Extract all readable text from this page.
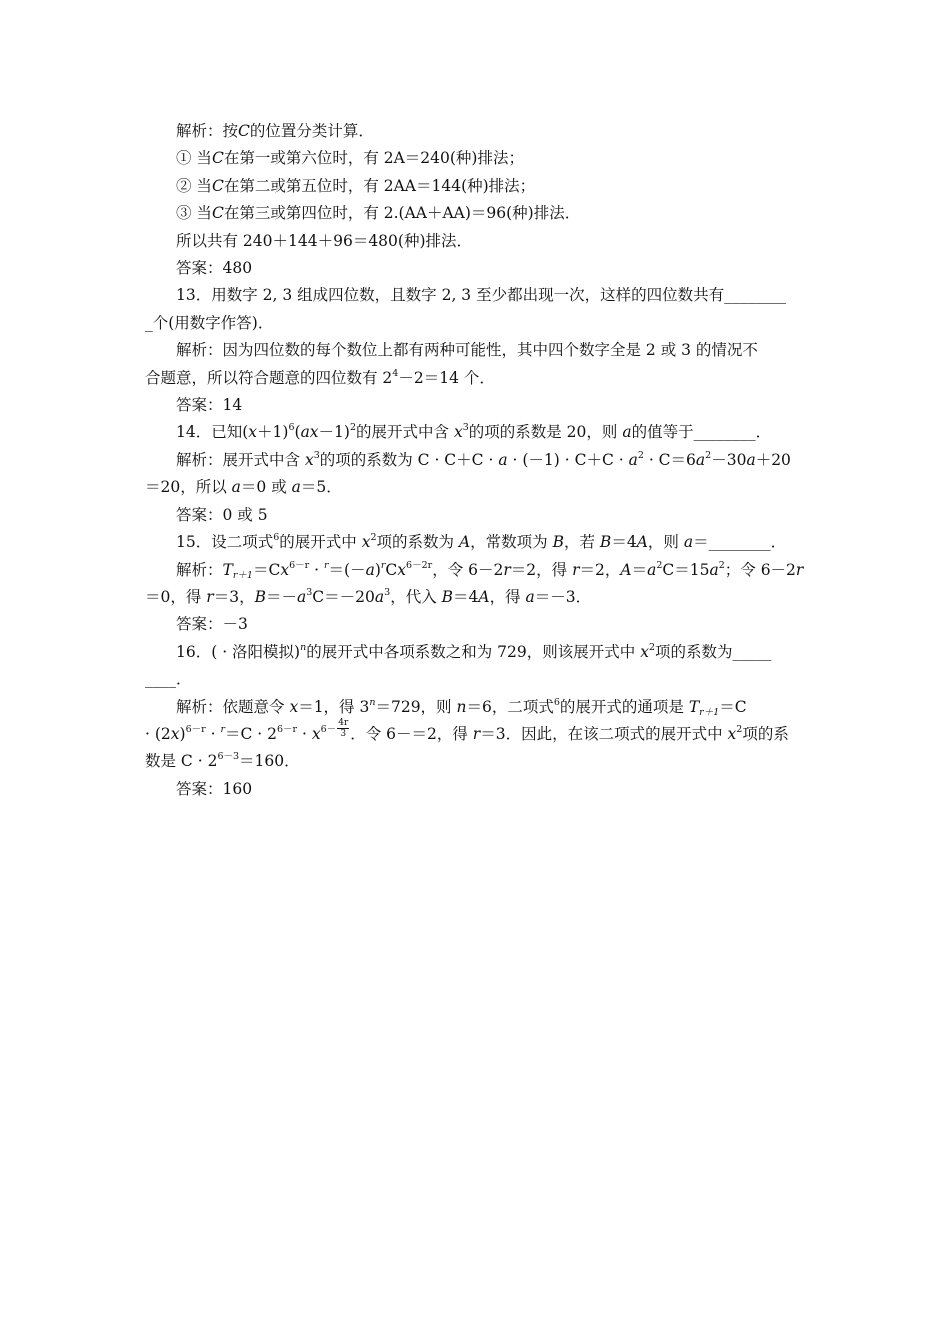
解析：按C的位置分类计算．
① 当C在第一或第六位时，有 2A＝240(种)排法；
② 当C在第二或第五位时，有 2AA＝144(种)排法；
③ 当C在第三或第四位时，有 2.(AA＋AA)＝96(种)排法．
所以共有 240＋144＋96＝480(种)排法．
答案：480
13．用数字 2, 3 组成四位数，且数字 2, 3 至少都出现一次，这样的四位数共有________
_个(用数字作答)．
解析：因为四位数的每个数位上都有两种可能性，其中四个数字全是 2 或 3 的情况不
合题意，所以符合题意的四位数有 $2^4-2=14$ 个．
答案：14
14．已知$(x+1)^6(ax-1)^2$的展开式中含 $x^3$的项的系数是 20，则 a的值等于________．
解析：展开式中含 $x^3$的项的系数为 $C \cdot C+C \cdot a \cdot (-1) \cdot C+C \cdot a^2 \cdot C=6a^2-30a+20$
＝20，所以 a＝0 或 a＝5．
答案：0 或 5
15．设二项式$^6$的展开式中 $x^2$项的系数为 A，常数项为 B，若 B＝4A，则 a＝________．
解析：$T_{r+1}=Cx^{6-r} \cdot ^r=(-a)^rCx^{6-2r}$，令 6－2r＝2，得 r＝2，$A=a^2C=15a^2$；令 6－2r
＝0，得 r＝3，$B=-a^3C=-20a^3$，代入 B＝4A，得 a＝－3．
答案：－3
16．( · 洛阳模拟)$^n$的展开式中各项系数之和为 729，则该展开式中 $x^2$项的系数为_____
____．
解析：依题意令 x＝1，得 $3^n=729$，则 n＝6，二项式$^6$的展开式的通项是 $T_{r+1}=C$
· $(2x)^{6-r} \cdot ^r=C \cdot 2^{6-r} \cdot x^{6-} \frac{4r}{3}$ ．令 6－＝2，得 r＝3．因此，在该二项式的展开式中 $x^2$项的系
数是 $C \cdot 2^{6-3}=160$．
答案：160
